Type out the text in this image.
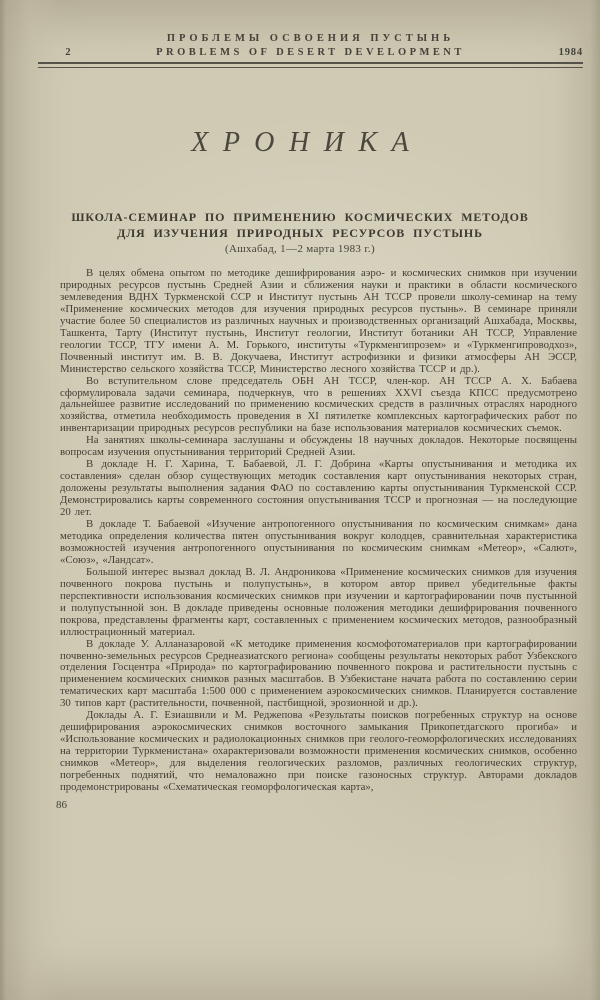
ПРОБЛЕМЫ ОСВОЕНИЯ ПУСТЫНЬ
2	PROBLEMS OF DESERT DEVELOPMENT	1984
ХРОНИКА
ШКОЛА-СЕМИНАР ПО ПРИМЕНЕНИЮ КОСМИЧЕСКИХ МЕТОДОВ
ДЛЯ ИЗУЧЕНИЯ ПРИРОДНЫХ РЕСУРСОВ ПУСТЫНЬ
(Ашхабад, 1—2 марта 1983 г.)

В целях обмена опытом по методике дешифрирования аэро- и космических снимков при изучении природных ресурсов пустынь Средней Азии и сближения науки и практики в области космического землеведения ВДНХ Туркменской ССР и Институт пустынь АН ТССР провели школу-семинар на тему «Применение космических методов для изучения природных ресурсов пустынь». В семинаре приняли участие более 50 специалистов из различных научных и производственных организаций Ашхабада, Москвы, Ташкента, Тарту (Институт пустынь, Институт геологии, Институт ботаники АН ТССР, Управление геологии ТССР, ТГУ имени А. М. Горького, институты «Туркменгипрозем» и «Туркменгипроводхоз», Почвенный институт им. В. В. Докучаева, Институт астрофизики и физики атмосферы АН ЭССР, Министерство сельского хозяйства ТССР, Министерство лесного хозяйства ТССР и др.).

Во вступительном слове председатель ОБН АН ТССР, член-кор. АН ТССР А. Х. Бабаева сформулировала задачи семинара, подчеркнув, что в решениях XXVI съезда КПСС предусмотрено дальнейшее развитие исследований по применению космических средств в различных отраслях народного хозяйства, отметила необходимость проведения в XI пятилетке комплексных картографических работ по инвентаризации природных ресурсов республики на базе использования материалов космических съемок.

На занятиях школы-семинара заслушаны и обсуждены 18 научных докладов. Некоторые посвящены вопросам изучения опустынивания территорий Средней Азии.

В докладе Н. Г. Харина, Т. Бабаевой, Л. Г. Добрина «Карты опустынивания и методика их составления» сделан обзор существующих методик составления карт опустынивания некоторых стран, доложены результаты выполнения задания ФАО по составлению карты опустынивания Туркменской ССР. Демонстрировались карты современного состояния опустынивания ТССР и прогнозная — на последующие 20 лет.

В докладе Т. Бабаевой «Изучение антропогенного опустынивания по космическим снимкам» дана методика определения количества пятен опустынивания вокруг колодцев, сравнительная характеристика возможностей изучения антропогенного опустынивания по космическим снимкам «Метеор», «Салют», «Союз», «Ландсат».

Большой интерес вызвал доклад В. Л. Андроникова «Применение космических снимков для изучения почвенного покрова пустынь и полупустынь», в котором автор привел убедительные факты перспективности использования космических снимков при изучении и картографировании почв пустынной и полупустынной зон. В докладе приведены основные положения методики дешифрирования почвенного покрова, представлены фрагменты карт, составленных с применением космических методов, разнообразный иллюстрационный материал.

В докладе У. Алланазаровой «К методике применения космофотоматериалов при картографировании почвенно-земельных ресурсов Среднеазиатского региона» сообщены результаты некоторых работ Узбекского отделения Госцентра «Природа» по картографированию почвенного покрова и растительности пустынь с применением космических снимков разных масштабов. В Узбекистане начата работа по составлению серии тематических карт масштаба 1:500 000 с применением аэрокосмических снимков. Планируется составление 30 типов карт (растительности, почвенной, пастбищной, эрозионной и др.).

Доклады А. Г. Езиашвили и М. Реджепова «Результаты поисков погребенных структур на основе дешифрирования аэрокосмических снимков восточного замыкания Прикопетдагского прогиба» и «Использование космических и радиолокационных снимков при геолого-геоморфологических исследованиях на территории Туркменистана» охарактеризовали возможности применения космических снимков, особенно снимков «Метеор», для выделения геологических разломов, различных геологических структур, погребенных поднятий, что немаловажно при поиске газоносных структур. Авторами докладов продемонстрированы «Схематическая геоморфологическая карта»,

86
